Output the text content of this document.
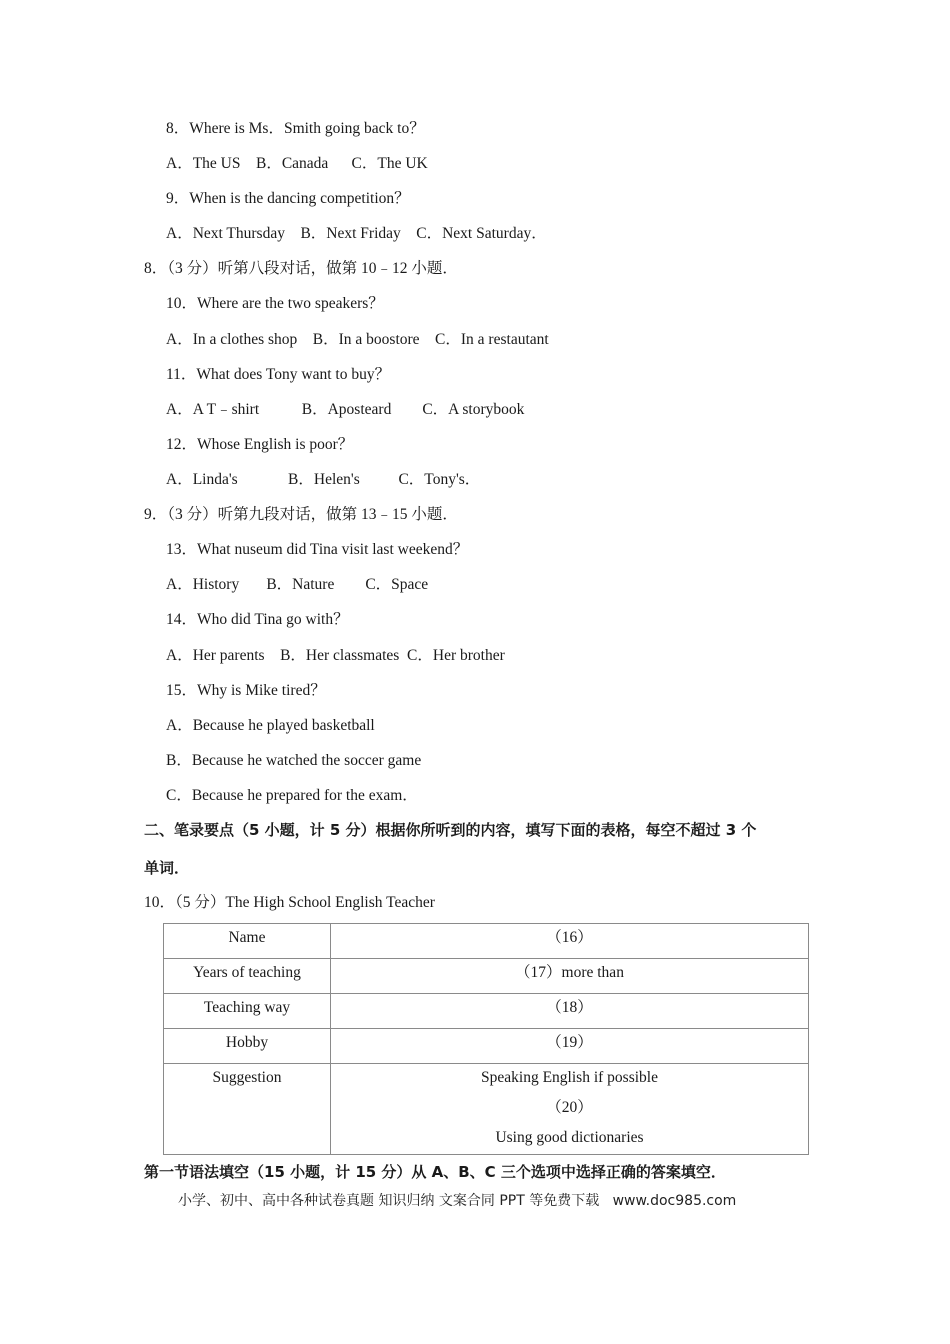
8．Where is Ms．Smith going back to？
A．The US    B．Canada      C．The UK
9．When is the dancing competition？
A．Next Thursday    B．Next Friday    C．Next Saturday．
8．（3 分）听第八段对话，做第 10﹣12 小题．
10．Where are the two speakers？
A．In a clothes shop    B．In a boostore    C．In a restautant
11．What does Tony want to buy？
A．A T﹣shirt           B．Aposteard        C．A storybook
12．Whose English is poor？
A．Linda's             B．Helen's          C．Tony's．
9．（3 分）听第九段对话，做第 13﹣15 小题．
13．What nuseum did Tina visit last weekend？
A．History       B．Nature        C．Space
14．Who did Tina go with？
A．Her parents    B．Her classmates  C．Her brother
15．Why is Mike tired？
A．Because he played basketball
B．Because he watched the soccer game
C．Because he prepared for the exam．
二、笔录要点（5 小题，计 5 分）根据你所听到的内容，填写下面的表格，每空不超过 3 个
单词．
10．（5 分）The High School English Teacher
Name	（16）
Years of teaching	（17）more than
Teaching way	（18）
Hobby	（19）
Suggestion	Speaking English if possible
（20）
Using good dictionaries
第一节语法填空（15 小题，计 15 分）从 A、B、C 三个选项中选择正确的答案填空．
小学、初中、高中各种试卷真题 知识归纳 文案合同 PPT 等免费下载   www.doc985.com
